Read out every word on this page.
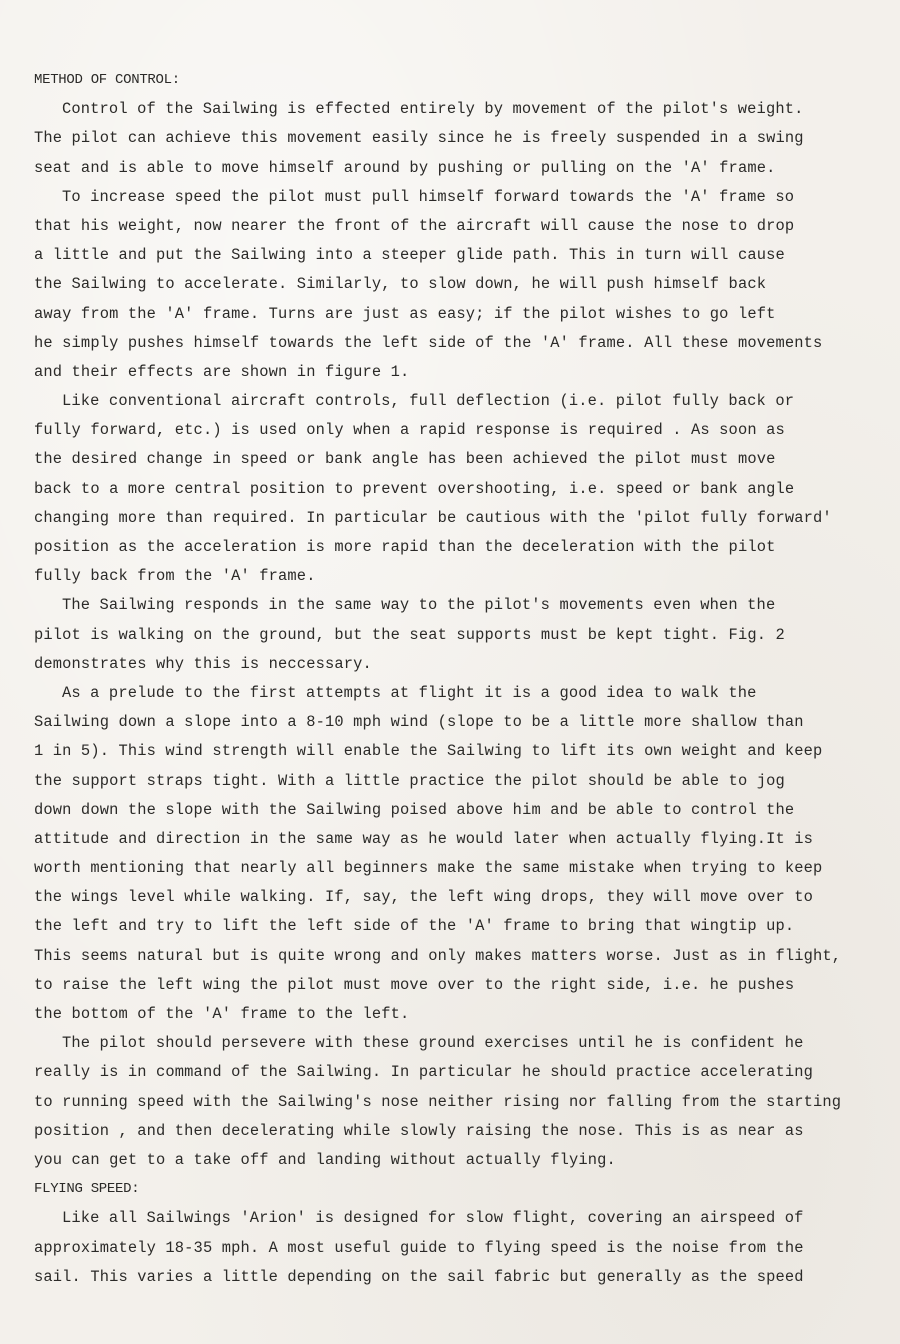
METHOD OF CONTROL:
Control of the Sailwing is effected entirely by movement of the pilot's weight.
The pilot can achieve this movement easily since he is freely suspended in a swing
seat and is able to move himself around by pushing or pulling on the 'A' frame.
To increase speed the pilot must pull himself forward towards the 'A' frame so
that his weight, now nearer the front of the aircraft will cause the nose to drop
a little and put the Sailwing into a steeper glide path. This in turn will cause
the Sailwing to accelerate. Similarly, to slow down, he will push himself back
away from the 'A' frame. Turns are just as easy; if the pilot wishes to go left
he simply pushes himself towards the left side of the 'A' frame. All these movements
and their effects are shown in figure 1.
Like conventional aircraft controls, full deflection (i.e. pilot fully back or
fully forward, etc.) is used only when a rapid response is required . As soon as
the desired change in speed or bank angle has been achieved the pilot must move
back to a more central position to prevent overshooting, i.e. speed or bank angle
changing more than required. In particular be cautious with the 'pilot fully forward'
position as the acceleration is more rapid than the deceleration with the pilot
fully back from the 'A' frame.
The Sailwing responds in the same way to the pilot's movements even when the
pilot is walking on the ground, but the seat supports must be kept tight. Fig. 2
demonstrates why this is neccessary.
As a prelude to the first attempts at flight it is a good idea to walk the
Sailwing down a slope into a 8-10 mph wind (slope to be a little more shallow than
1 in 5). This wind strength will enable the Sailwing to lift its own weight and keep
the support straps tight. With a little practice the pilot should be able to jog
down down the slope with the Sailwing poised above him and be able to control the
attitude and direction in the same way as he would later when actually flying.It is
worth mentioning that nearly all beginners make the same mistake when trying to keep
the wings level while walking. If, say, the left wing drops, they will move over to
the left and try to lift the left side of the 'A' frame to bring that wingtip up.
This seems natural but is quite wrong and only makes matters worse. Just as in flight,
to raise the left wing the pilot must move over to the right side, i.e. he pushes
the bottom of the 'A' frame to the left.
The pilot should persevere with these ground exercises until he is confident he
really is in command of the Sailwing. In particular he should practice accelerating
to running speed with the Sailwing's nose neither rising nor falling from the starting
position , and then decelerating while slowly raising the nose. This is as near as
you can get to a take off and landing without actually flying.
FLYING SPEED:
Like all Sailwings 'Arion' is designed for slow flight, covering an airspeed of
approximately 18-35 mph. A most useful guide to flying speed is the noise from the
sail. This varies a little depending on the sail fabric but generally as the speed
